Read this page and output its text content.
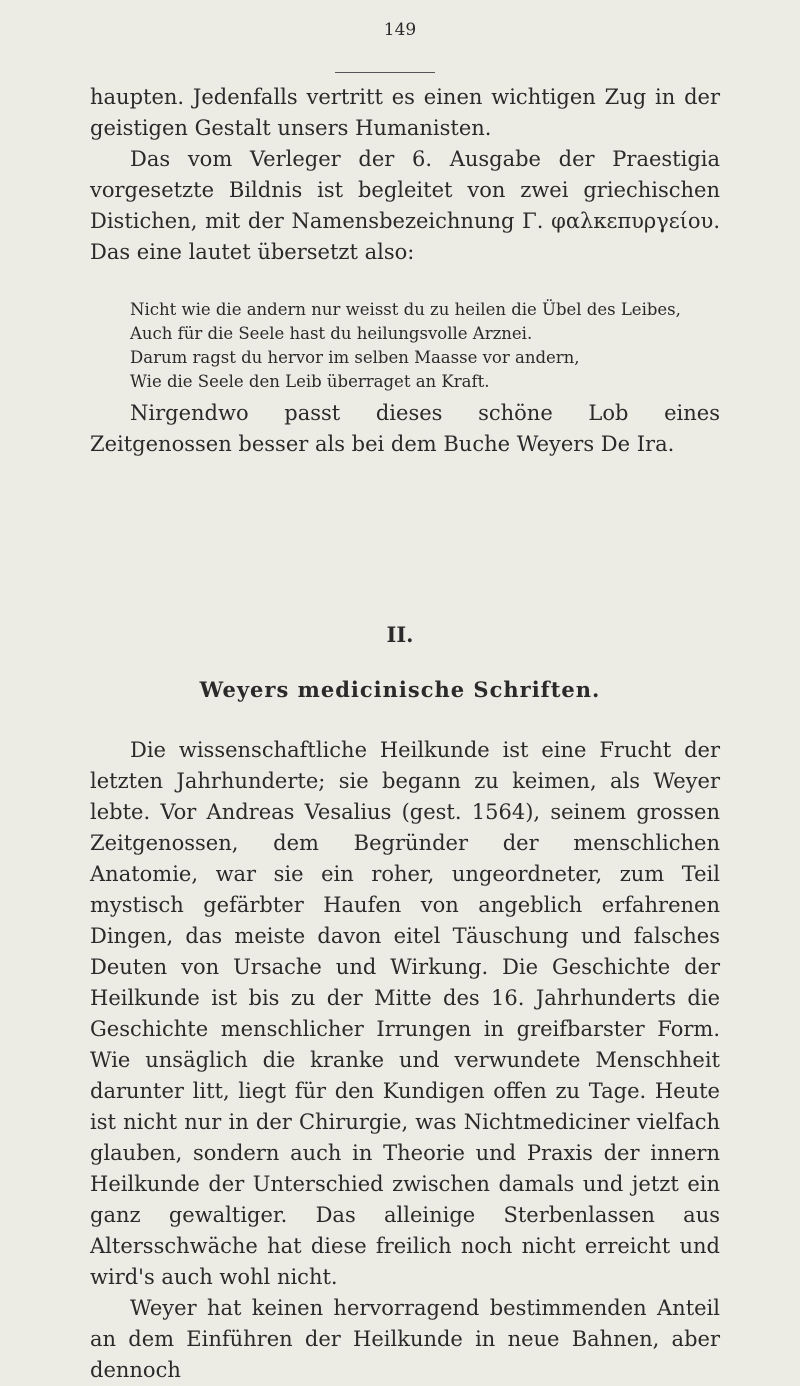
149

haupten. Jedenfalls vertritt es einen wichtigen Zug in der geistigen Gestalt unsers Humanisten.

Das vom Verleger der 6. Ausgabe der Praestigia vorgesetzte Bildnis ist begleitet von zwei griechischen Distichen, mit der Namensbezeichnung Γ. φαλκεπυργείου. Das eine lautet übersetzt also:

Nicht wie die andern nur weisst du zu heilen die Übel des Leibes,
Auch für die Seele hast du heilungsvolle Arznei.
Darum ragst du hervor im selben Maasse vor andern,
Wie die Seele den Leib überraget an Kraft.

Nirgendwo passt dieses schöne Lob eines Zeitgenossen besser als bei dem Buche Weyers De Ira.

II.
Weyers medicinische Schriften.

Die wissenschaftliche Heilkunde ist eine Frucht der letzten Jahrhunderte; sie begann zu keimen, als Weyer lebte. Vor Andreas Vesalius (gest. 1564), seinem grossen Zeitgenossen, dem Begründer der menschlichen Anatomie, war sie ein roher, ungeordneter, zum Teil mystisch gefärbter Haufen von angeblich erfahrenen Dingen, das meiste davon eitel Täuschung und falsches Deuten von Ursache und Wirkung. Die Geschichte der Heilkunde ist bis zu der Mitte des 16. Jahrhunderts die Geschichte menschlicher Irrungen in greifbarster Form. Wie unsäglich die kranke und verwundete Menschheit darunter litt, liegt für den Kundigen offen zu Tage. Heute ist nicht nur in der Chirurgie, was Nichtmediciner vielfach glauben, sondern auch in Theorie und Praxis der innern Heilkunde der Unterschied zwischen damals und jetzt ein ganz gewaltiger. Das alleinige Sterbenlassen aus Altersschwäche hat diese freilich noch nicht erreicht und wird's auch wohl nicht.

Weyer hat keinen hervorragend bestimmenden Anteil an dem Einführen der Heilkunde in neue Bahnen, aber dennoch
